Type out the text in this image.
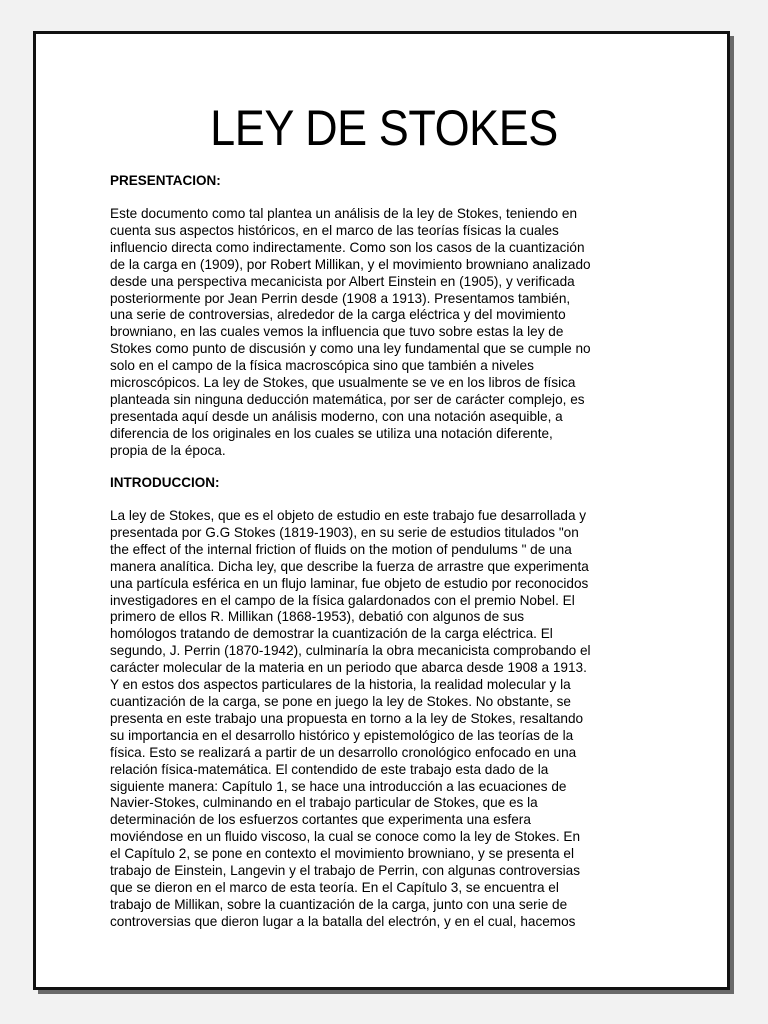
LEY DE STOKES
PRESENTACION:
Este documento como tal plantea un análisis de la ley de Stokes, teniendo en
cuenta sus aspectos históricos, en el marco de las teorías físicas la cuales
influencio directa como indirectamente. Como son los casos de la cuantización
de la carga en (1909), por Robert Millikan, y el movimiento browniano analizado
desde una perspectiva mecanicista por Albert Einstein en (1905), y verificada
posteriormente por Jean Perrin desde (1908 a 1913). Presentamos también,
una serie de controversias, alrededor de la carga eléctrica y del movimiento
browniano, en las cuales vemos la influencia que tuvo sobre estas la ley de
Stokes como punto de discusión y como una ley fundamental que se cumple no
solo en el campo de la física macroscópica sino que también a niveles
microscópicos. La ley de Stokes, que usualmente se ve en los libros de física
planteada sin ninguna deducción matemática, por ser de carácter complejo, es
presentada aquí desde un análisis moderno, con una notación asequible, a
diferencia de los originales en los cuales se utiliza una notación diferente,
propia de la época.
INTRODUCCION:
La ley de Stokes, que es el objeto de estudio en este trabajo fue desarrollada y
presentada por G.G Stokes (1819-1903), en su serie de estudios titulados "on
the effect of the internal friction of fluids on the motion of pendulums " de una
manera analítica. Dicha ley, que describe la fuerza de arrastre que experimenta
una partícula esférica en un flujo laminar, fue objeto de estudio por reconocidos
investigadores en el campo de la física galardonados con el premio Nobel. El
primero de ellos R. Millikan (1868-1953), debatió con algunos de sus
homólogos tratando de demostrar la cuantización de la carga eléctrica. El
segundo, J. Perrin (1870-1942), culminaría la obra mecanicista comprobando el
carácter molecular de la materia en un periodo que abarca desde 1908 a 1913.
Y en estos dos aspectos particulares de la historia, la realidad molecular y la
cuantización de la carga, se pone en juego la ley de Stokes. No obstante, se
presenta en este trabajo una propuesta en torno a la ley de Stokes, resaltando
su importancia en el desarrollo histórico y epistemológico de las teorías de la
física. Esto se realizará a partir de un desarrollo cronológico enfocado en una
relación física-matemática. El contendido de este trabajo esta dado de la
siguiente manera: Capítulo 1, se hace una introducción a las ecuaciones de
Navier-Stokes, culminando en el trabajo particular de Stokes, que es la
determinación de los esfuerzos cortantes que experimenta una esfera
moviéndose en un fluido viscoso, la cual se conoce como la ley de Stokes. En
el Capítulo 2, se pone en contexto el movimiento browniano, y se presenta el
trabajo de Einstein, Langevin y el trabajo de Perrin, con algunas controversias
que se dieron en el marco de esta teoría. En el Capítulo 3, se encuentra el
trabajo de Millikan, sobre la cuantización de la carga, junto con una serie de
controversias que dieron lugar a la batalla del electrón, y en el cual, hacemos
